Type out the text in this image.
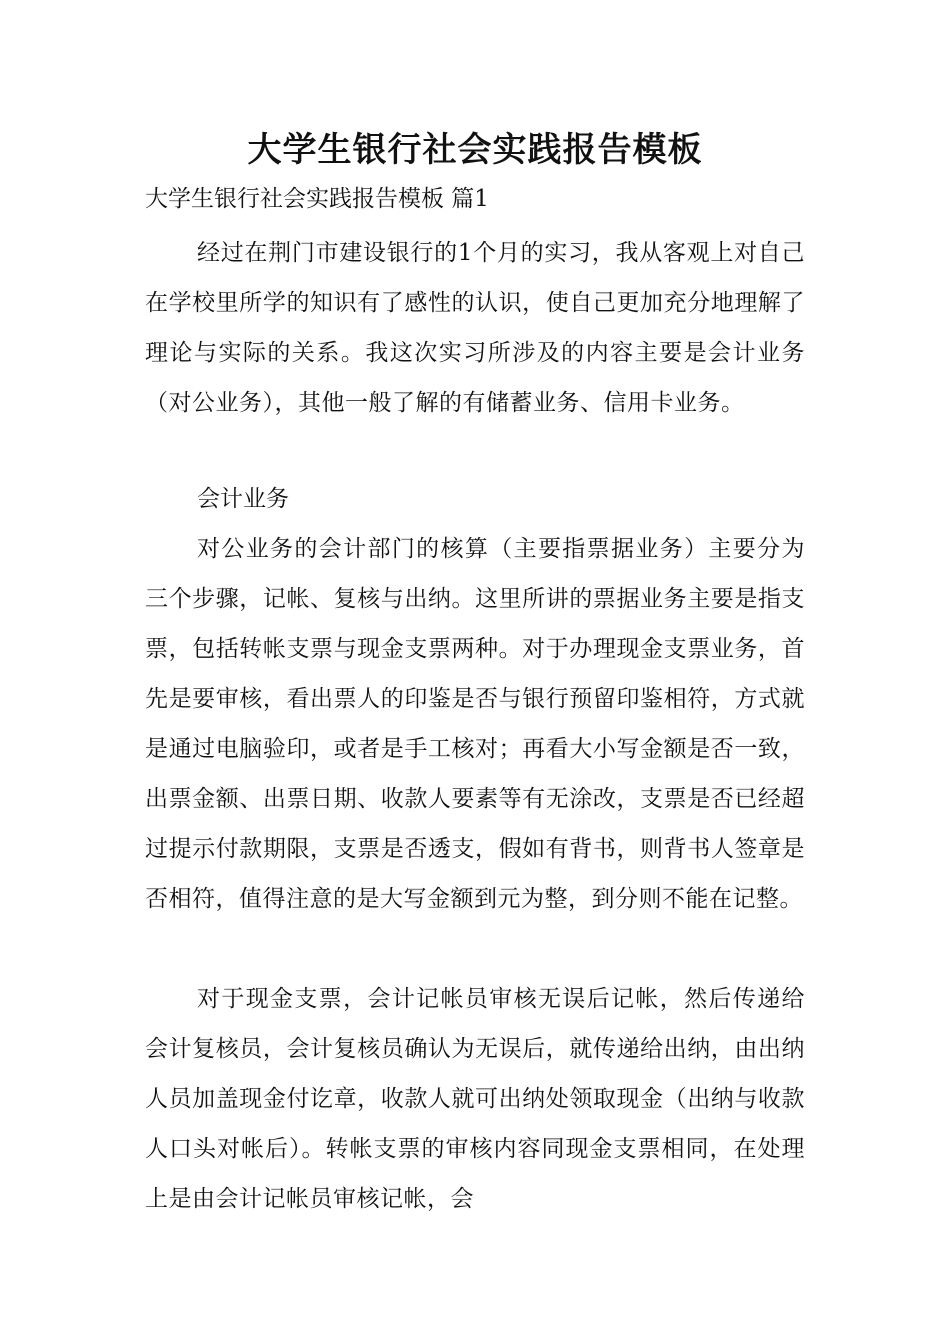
大学生银行社会实践报告模板

大学生银行社会实践报告模板 篇1

经过在荆门市建设银行的1个月的实习，我从客观上对自己在学校里所学的知识有了感性的认识，使自己更加充分地理解了理论与实际的关系。我这次实习所涉及的内容主要是会计业务（对公业务），其他一般了解的有储蓄业务、信用卡业务。

会计业务

对公业务的会计部门的核算（主要指票据业务）主要分为三个步骤，记帐、复核与出纳。这里所讲的票据业务主要是指支票，包括转帐支票与现金支票两种。对于办理现金支票业务，首先是要审核，看出票人的印鉴是否与银行预留印鉴相符，方式就是通过电脑验印，或者是手工核对；再看大小写金额是否一致，出票金额、出票日期、收款人要素等有无涂改，支票是否已经超过提示付款期限，支票是否透支，假如有背书，则背书人签章是否相符，值得注意的是大写金额到元为整，到分则不能在记整。

对于现金支票，会计记帐员审核无误后记帐，然后传递给会计复核员，会计复核员确认为无误后，就传递给出纳，由出纳人员加盖现金付讫章，收款人就可出纳处领取现金（出纳与收款人口头对帐后）。转帐支票的审核内容同现金支票相同，在处理上是由会计记帐员审核记帐，会
